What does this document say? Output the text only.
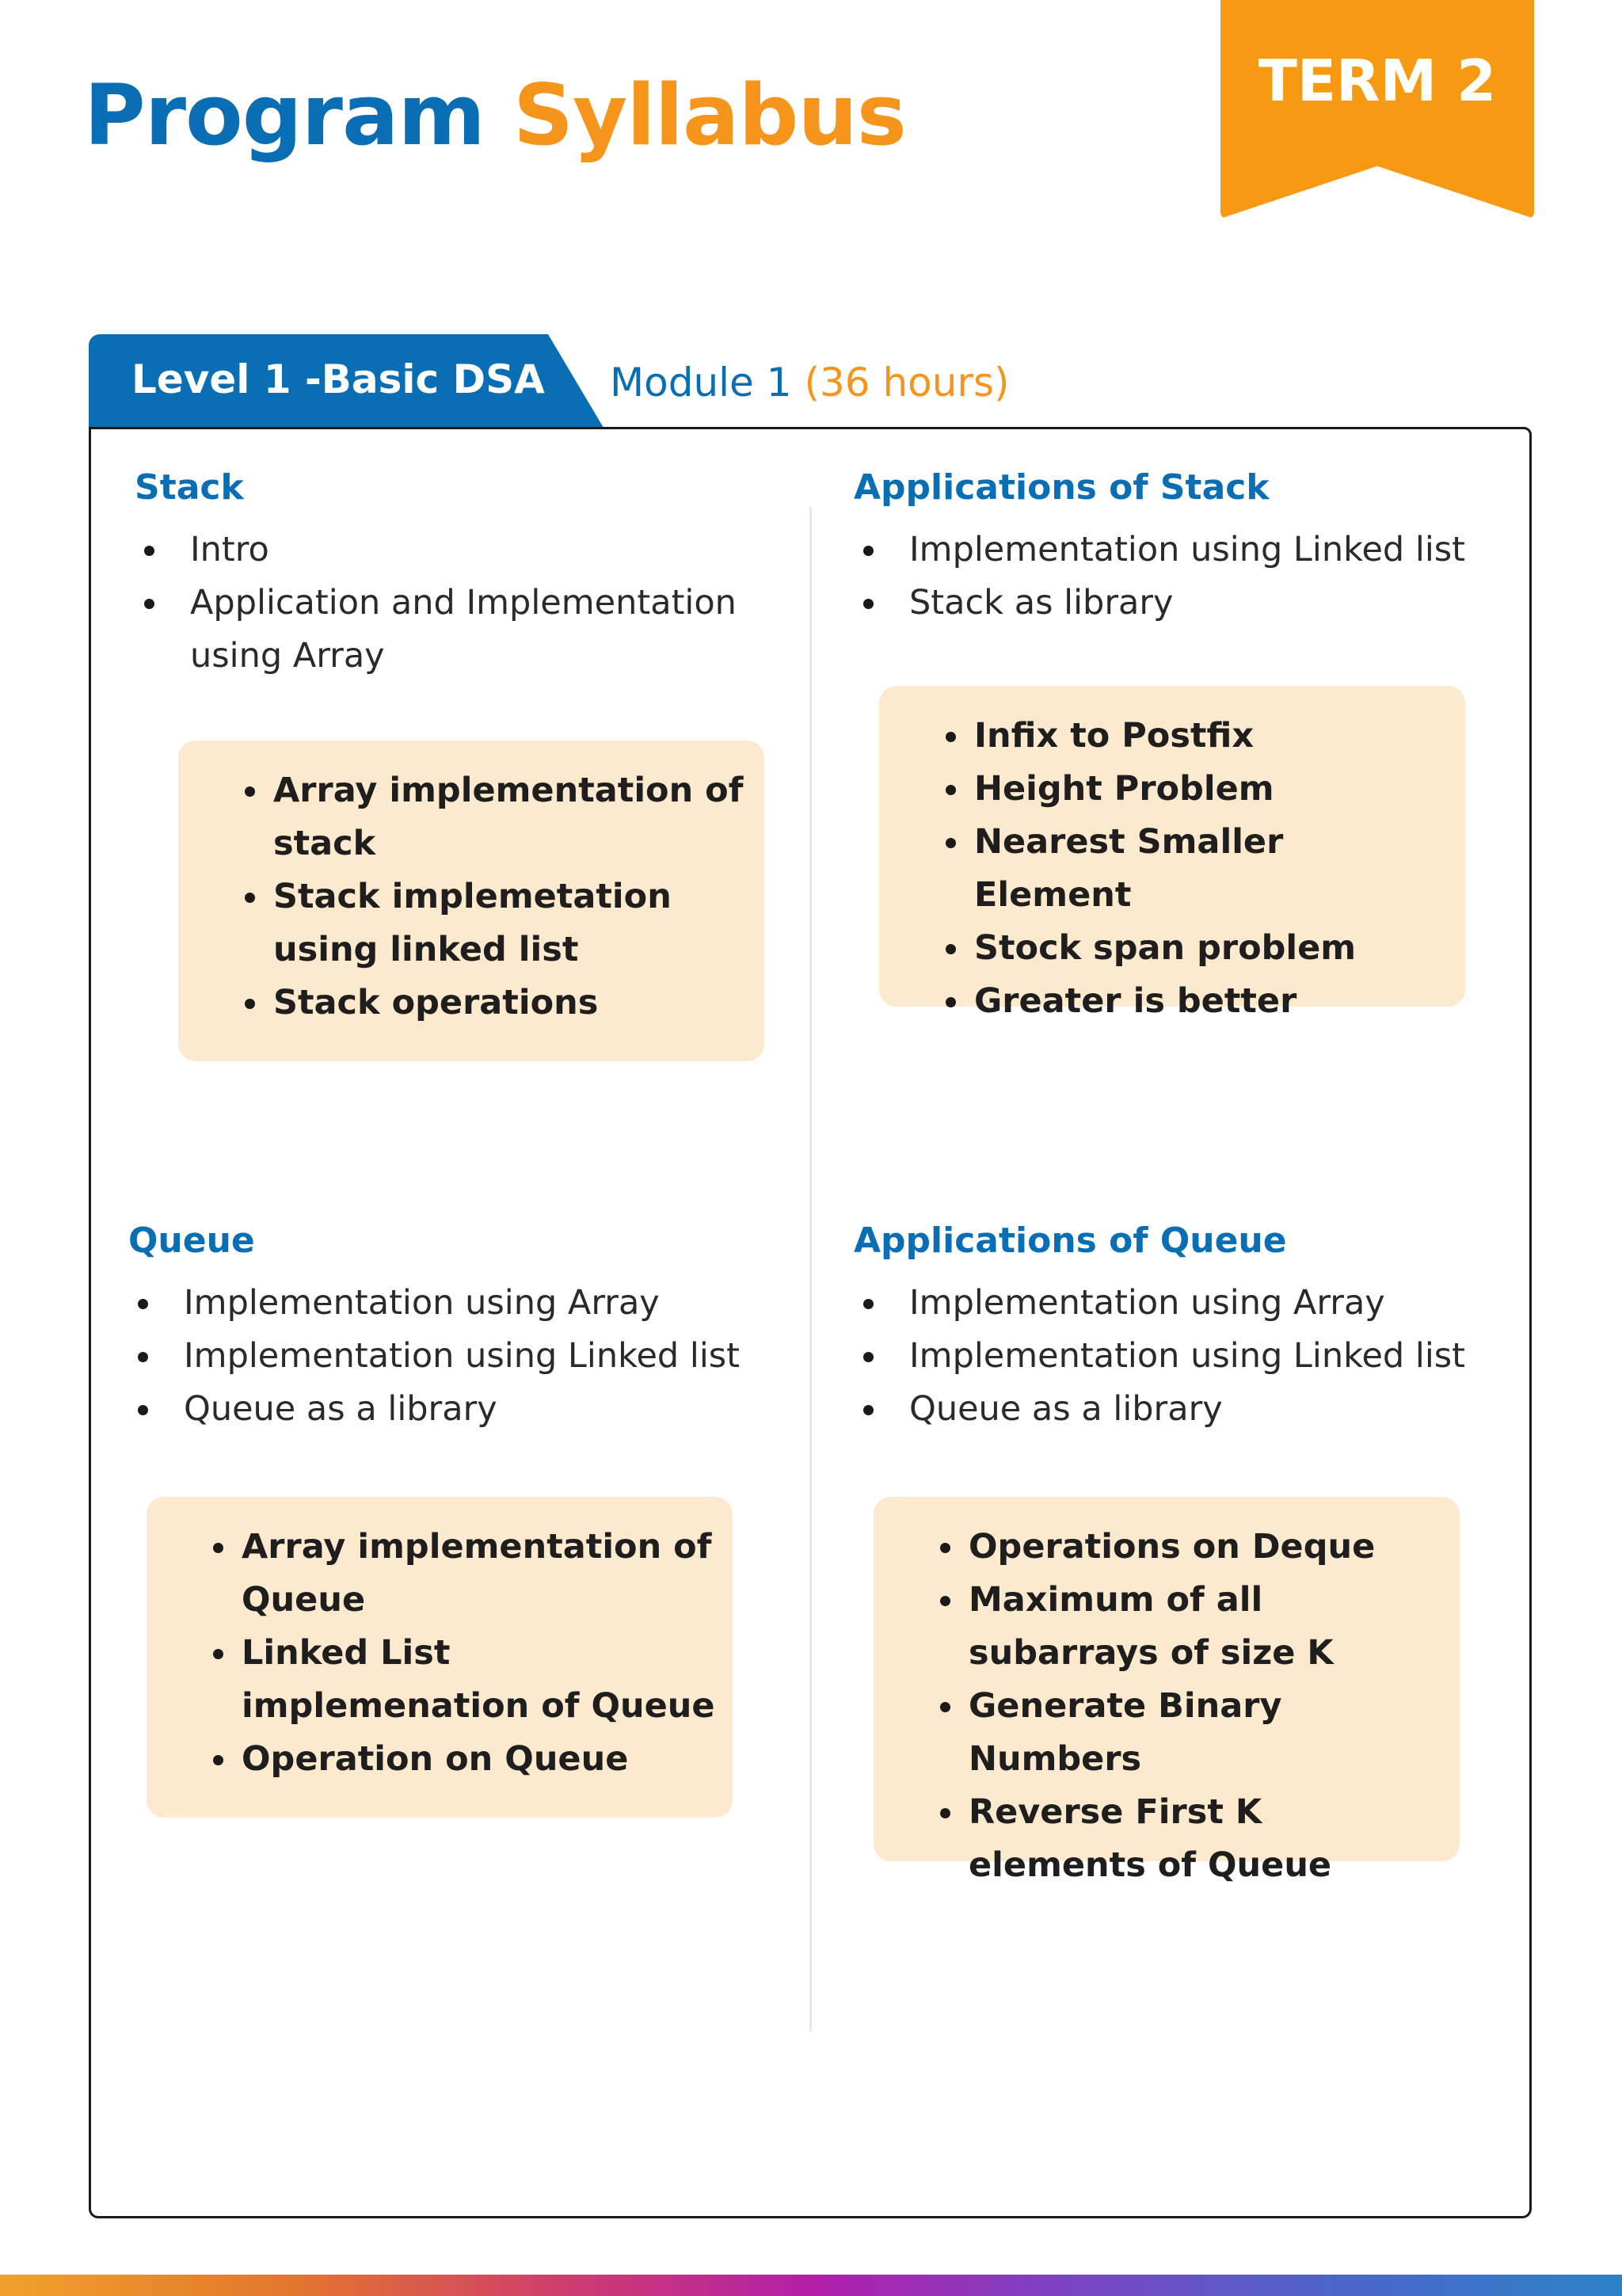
Program Syllabus	TERM 2
Level 1 -Basic DSA Module 1 (36 hours)
Stack
Intro
Application and Implementation using Array
Array implementation of stack
Stack implemetation using linked list
Stack operations
Applications of Stack
Implementation using Linked list
Stack as library
Infix to Postfix
Height Problem
Nearest Smaller Element
Stock span problem
Greater is better
Queue
Implementation using Array
Implementation using Linked list
Queue as a library
Array implementation of Queue
Linked List implemenation of Queue
Operation on Queue
Applications of Queue
Implementation using Array
Implementation using Linked list
Queue as a library
Operations on Deque
Maximum of all subarrays of size K
Generate Binary Numbers
Reverse First K elements of Queue
